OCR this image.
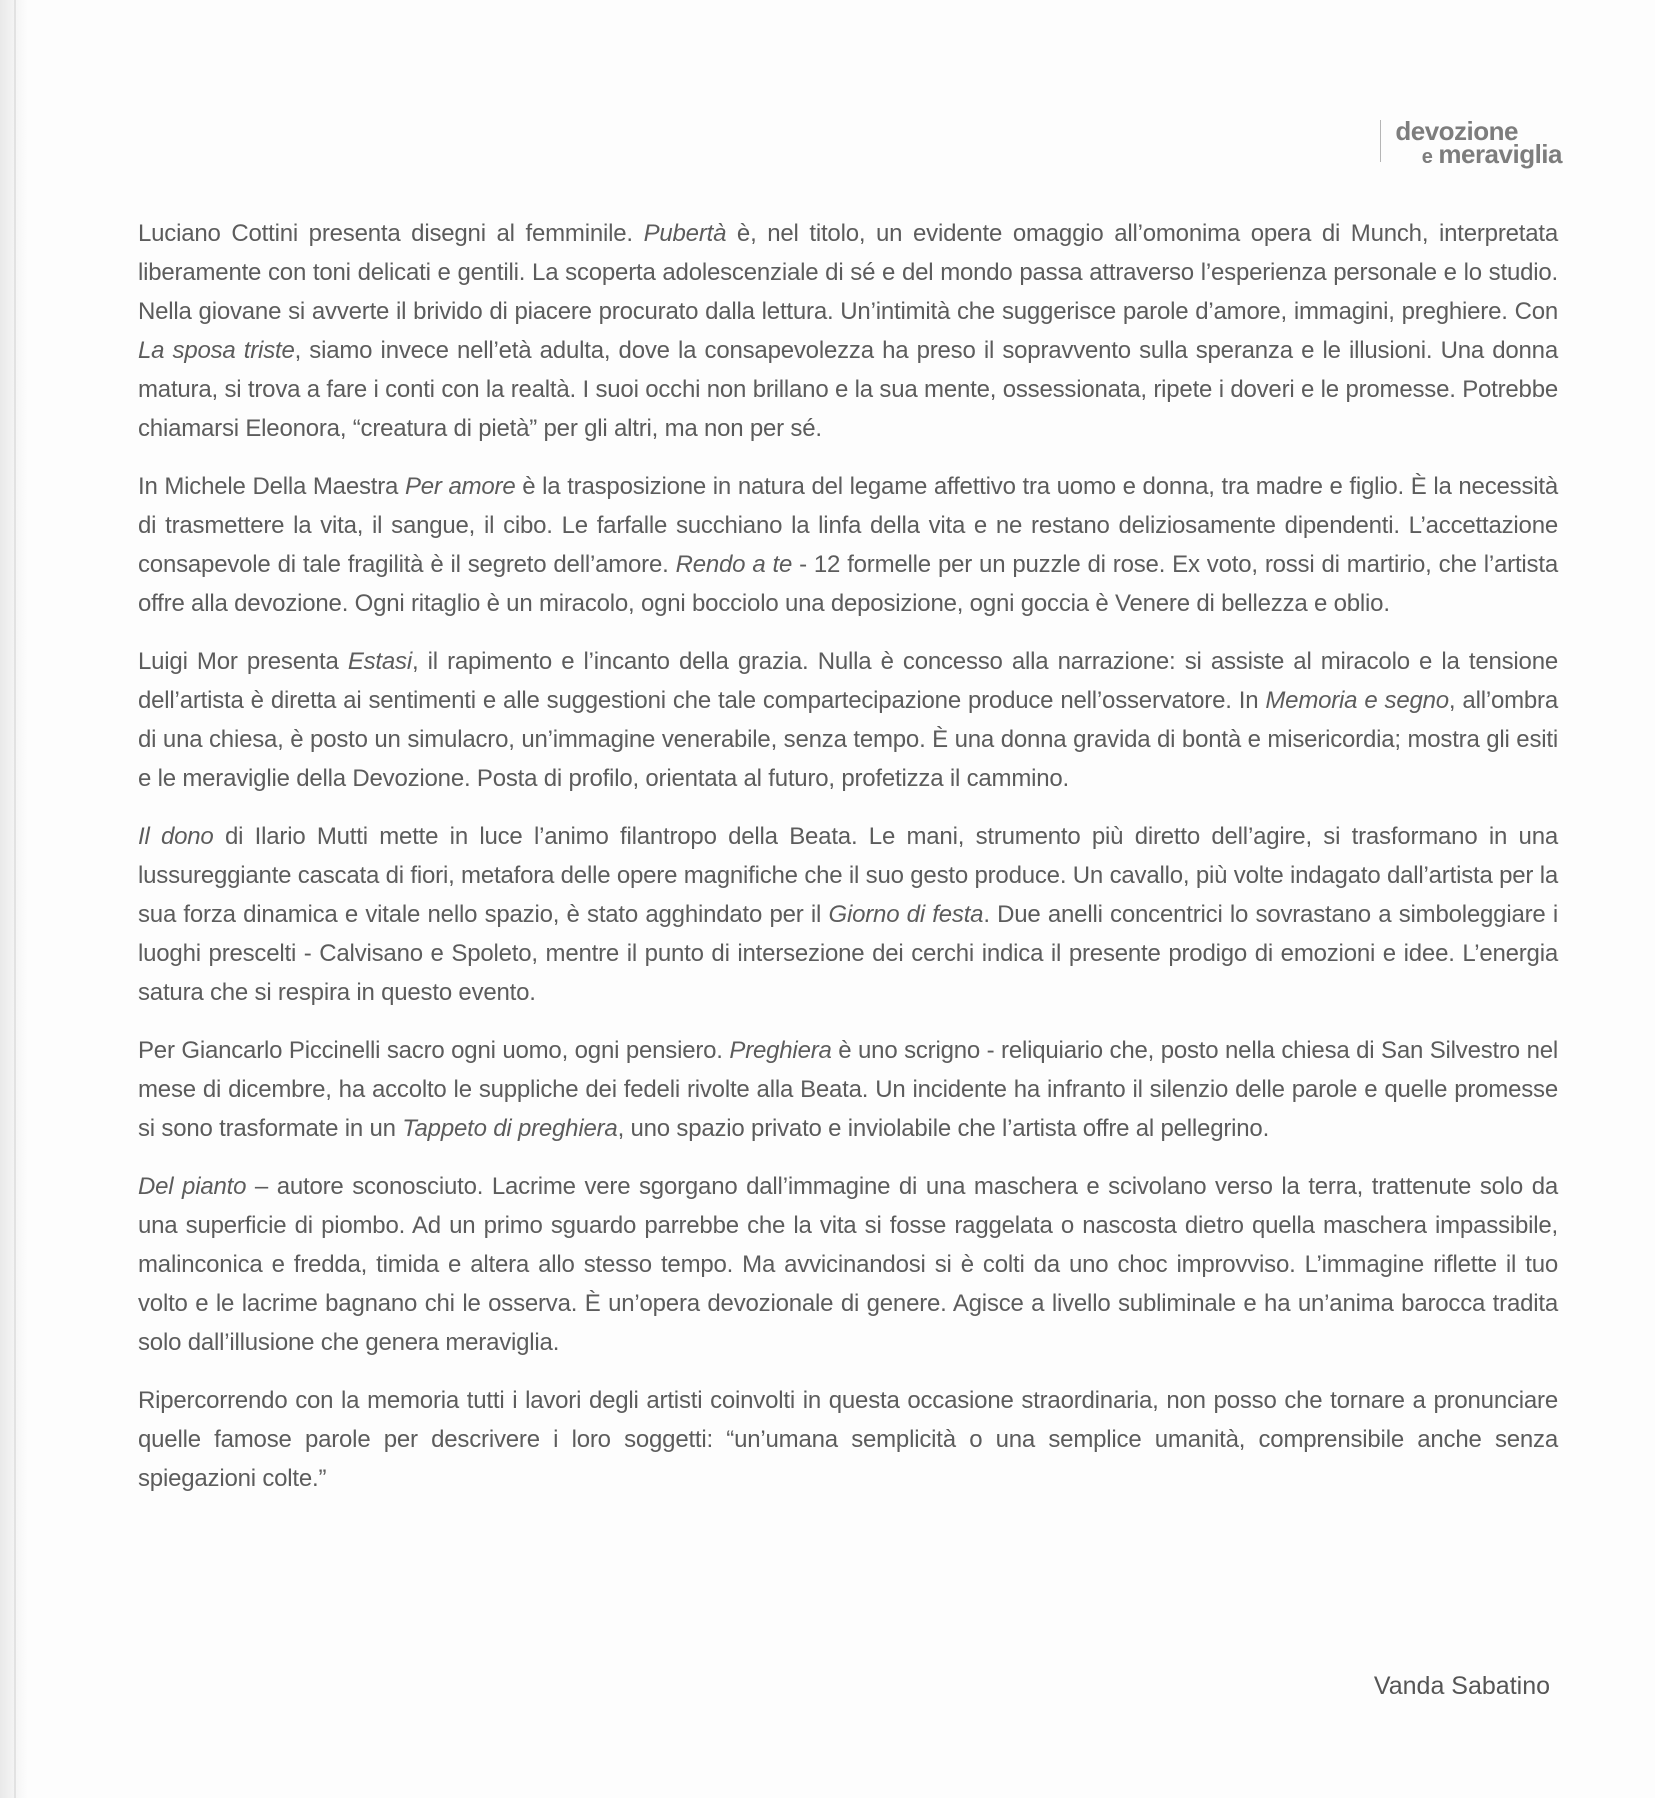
devozione
e meraviglia

Luciano Cottini presenta disegni al femminile. Pubertà è, nel titolo, un evidente omaggio all’omonima opera di Munch, interpretata liberamente con toni delicati e gentili. La scoperta adolescenziale di sé e del mondo passa attraverso l’esperienza personale e lo studio. Nella giovane si avverte il brivido di piacere procurato dalla lettura. Un’intimità che suggerisce parole d’amore, immagini, preghiere. Con La sposa triste, siamo invece nell’età adulta, dove la consapevolezza ha preso il sopravvento sulla speranza e le illusioni. Una donna matura, si trova a fare i conti con la realtà. I suoi occhi non brillano e la sua mente, ossessionata, ripete i doveri e le promesse. Potrebbe chiamarsi Eleonora, “creatura di pietà” per gli altri, ma non per sé.

In Michele Della Maestra Per amore è la trasposizione in natura del legame affettivo tra uomo e donna, tra madre e figlio. È la necessità di trasmettere la vita, il sangue, il cibo. Le farfalle succhiano la linfa della vita e ne restano deliziosamente dipendenti. L’accettazione consapevole di tale fragilità è il segreto dell’amore. Rendo a te - 12 formelle per un puzzle di rose. Ex voto, rossi di martirio, che l’artista offre alla devozione. Ogni ritaglio è un miracolo, ogni bocciolo una deposizione, ogni goccia è Venere di bellezza e oblio.

Luigi Mor presenta Estasi, il rapimento e l’incanto della grazia. Nulla è concesso alla narrazione: si assiste al miracolo e la tensione dell’artista è diretta ai sentimenti e alle suggestioni che tale compartecipazione produce nell’osservatore. In Memoria e segno, all’ombra di una chiesa, è posto un simulacro, un’immagine venerabile, senza tempo. È una donna gravida di bontà e misericordia; mostra gli esiti e le meraviglie della Devozione. Posta di profilo, orientata al futuro, profetizza il cammino.

Il dono di Ilario Mutti mette in luce l’animo filantropo della Beata. Le mani, strumento più diretto dell’agire, si trasformano in una lussureggiante cascata di fiori, metafora delle opere magnifiche che il suo gesto produce. Un cavallo, più volte indagato dall’artista per la sua forza dinamica e vitale nello spazio, è stato agghindato per il Giorno di festa. Due anelli concentrici lo sovrastano a simboleggiare i luoghi prescelti - Calvisano e Spoleto, mentre il punto di intersezione dei cerchi indica il presente prodigo di emozioni e idee. L’energia satura che si respira in questo evento.

Per Giancarlo Piccinelli sacro ogni uomo, ogni pensiero. Preghiera è uno scrigno - reliquiario che, posto nella chiesa di San Silvestro nel mese di dicembre, ha accolto le suppliche dei fedeli rivolte alla Beata. Un incidente ha infranto il silenzio delle parole e quelle promesse si sono trasformate in un Tappeto di preghiera, uno spazio privato e inviolabile che l’artista offre al pellegrino.

Del pianto – autore sconosciuto. Lacrime vere sgorgano dall’immagine di una maschera e scivolano verso la terra, trattenute solo da una superficie di piombo. Ad un primo sguardo parrebbe che la vita si fosse raggelata o nascosta dietro quella maschera impassibile, malinconica e fredda, timida e altera allo stesso tempo. Ma avvicinandosi si è colti da uno choc improvviso. L’immagine riflette il tuo volto e le lacrime bagnano chi le osserva. È un’opera devozionale di genere. Agisce a livello subliminale e ha un’anima barocca tradita solo dall’illusione che genera meraviglia.

Ripercorrendo con la memoria tutti i lavori degli artisti coinvolti in questa occasione straordinaria, non posso che tornare a pronunciare quelle famose parole per descrivere i loro soggetti: “un’umana semplicità o una semplice umanità, comprensibile anche senza spiegazioni colte.”

Vanda Sabatino
